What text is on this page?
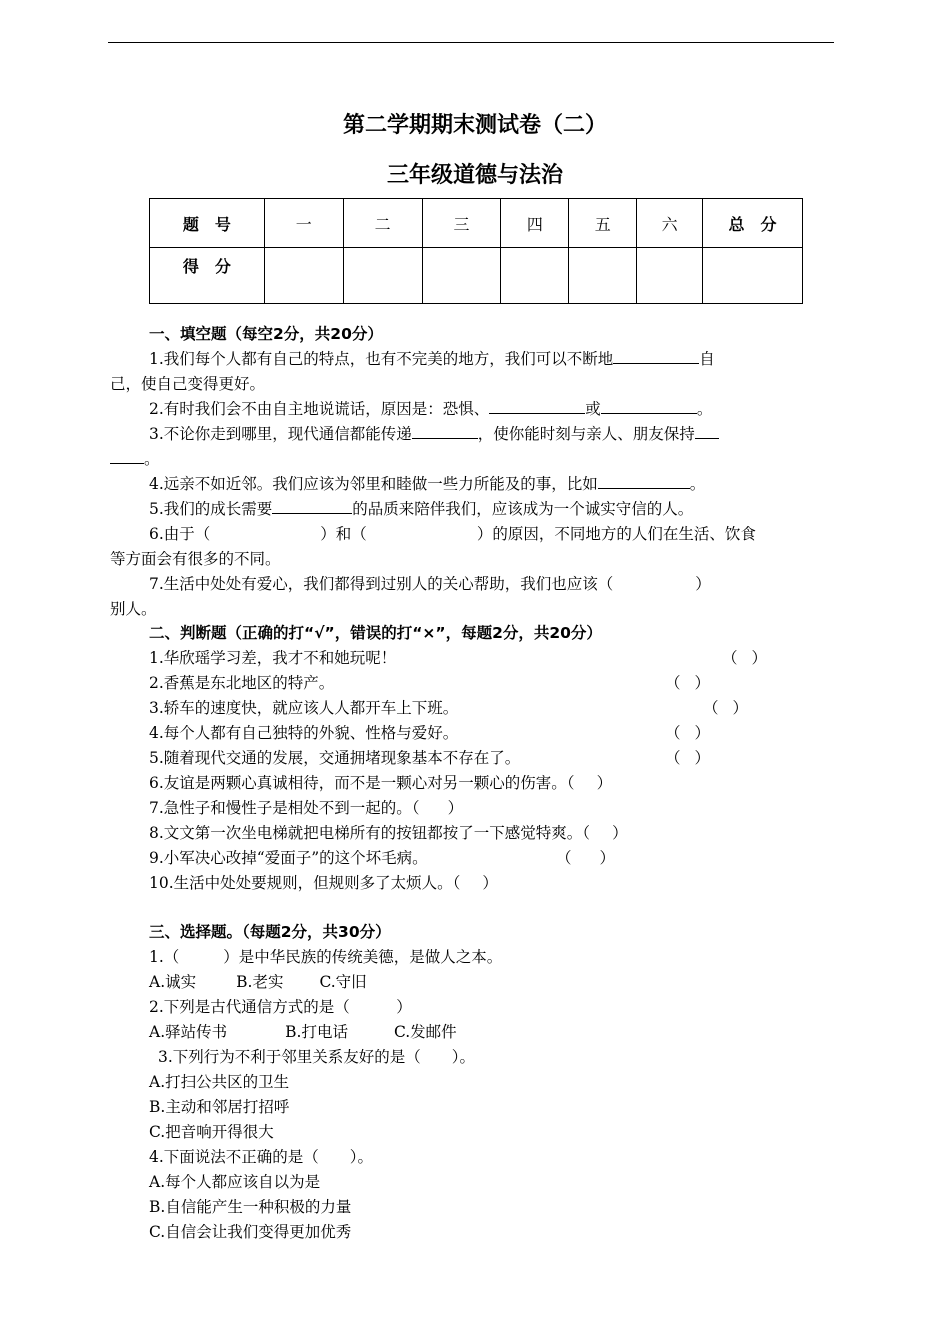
第二学期期末测试卷（二）
三年级道德与法治
题　号	一	二	三	四	五	六	总　分
得　分							
一、填空题（每空2分，共20分）
1.我们每个人都有自己的特点，也有不完美的地方，我们可以不断地	自
己，使自己变得更好。
2.有时我们会不由自主地说谎话，原因是：恐惧、	或	。
3.不论你走到哪里，现代通信都能传递	，使你能时刻与亲人、朋友保持
。
4.远亲不如近邻。我们应该为邻里和睦做一些力所能及的事，比如	。
5.我们的成长需要	的品质来陪伴我们，应该成为一个诚实守信的人。
6.由于（	）和（	）的原因，不同地方的人们在生活、饮食
等方面会有很多的不同。
7.生活中处处有爱心，我们都得到过别人的关心帮助，我们也应该（	）
别人。
二、判断题（正确的打“√”，错误的打“×”，每题2分，共20分）
1.华欣瑶学习差，我才不和她玩呢！	（ ）
2.香蕉是东北地区的特产。	（ ）
3.轿车的速度快，就应该人人都开车上下班。	（ ）
4.每个人都有自己独特的外貌、性格与爱好。	（ ）
5.随着现代交通的发展，交通拥堵现象基本不存在了。	（ ）
6.友谊是两颗心真诚相待，而不是一颗心对另一颗心的伤害。（ ）
7.急性子和慢性子是相处不到一起的。（ ）
8.文文第一次坐电梯就把电梯所有的按钮都按了一下感觉特爽。（ ）
9.小军决心改掉“爱面子”的这个坏毛病。	（ ）
10.生活中处处要规则，但规则多了太烦人。（ ）
三、选择题。（每题2分，共30分）
1.（	）是中华民族的传统美德，是做人之本。
A.诚实	B.老实 C.守旧
2.下列是古代通信方式的是（　　　）
A.驿站传书	B.打电话	C.发邮件
3.下列行为不利于邻里关系友好的是（　　）。
A.打扫公共区的卫生
B.主动和邻居打招呼
C.把音响开得很大
4.下面说法不正确的是（　　）。
A.每个人都应该自以为是
B.自信能产生一种积极的力量
C.自信会让我们变得更加优秀
